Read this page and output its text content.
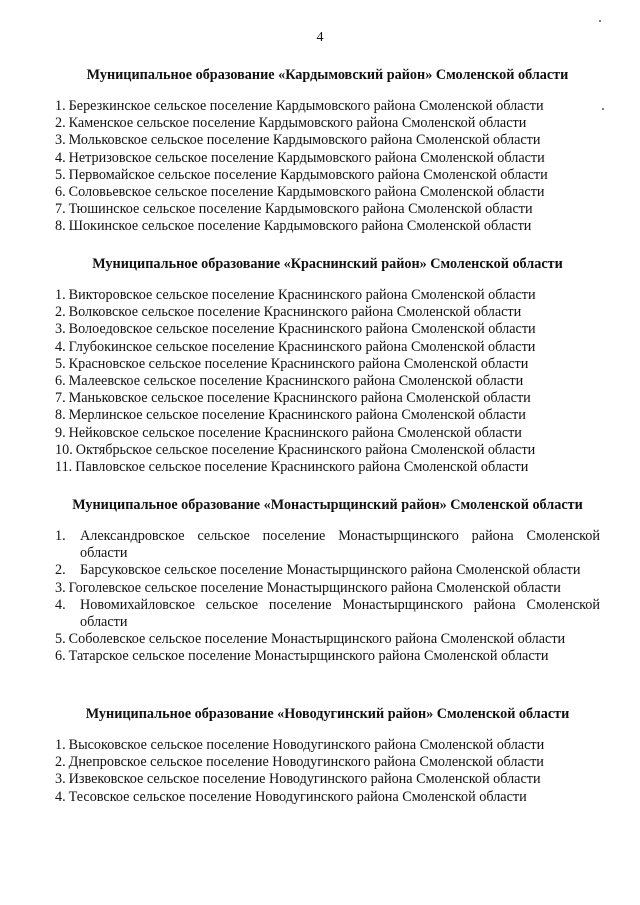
4
Муниципальное образование «Кардымовский район» Смоленской области
1. Березкинское сельское поселение Кардымовского района Смоленской области
2. Каменское сельское поселение Кардымовского района Смоленской области
3. Мольковское сельское поселение Кардымовского района Смоленской области
4. Нетризовское сельское поселение Кардымовского района Смоленской области
5. Первомайское сельское поселение Кардымовского района Смоленской области
6. Соловьевское сельское поселение Кардымовского района Смоленской области
7. Тюшинское сельское поселение Кардымовского района Смоленской области
8. Шокинское сельское поселение Кардымовского района Смоленской области
Муниципальное образование «Краснинский район» Смоленской области
1. Викторовское сельское поселение Краснинского района Смоленской области
2. Волковское сельское поселение Краснинского района Смоленской области
3. Волоедовское сельское поселение Краснинского района Смоленской области
4. Глубокинское сельское поселение Краснинского района Смоленской области
5. Красновское сельское поселение Краснинского района Смоленской области
6. Малеевское сельское поселение Краснинского района Смоленской области
7. Маньковское сельское поселение Краснинского района Смоленской области
8. Мерлинское сельское поселение Краснинского района Смоленской области
9. Нейковское сельское поселение Краснинского района Смоленской области
10. Октябрьское сельское поселение Краснинского района Смоленской области
11. Павловское сельское поселение Краснинского района Смоленской области
Муниципальное образование «Монастырщинский район» Смоленской области
1.	Александровское сельское поселение Монастырщинского района Смоленской области
2.	Барсуковское сельское поселение Монастырщинского района Смоленской области
3. Гоголевское сельское поселение Монастырщинского района Смоленской области
4.	Новомихайловское сельское поселение Монастырщинского района Смоленской области
5. Соболевское сельское поселение Монастырщинского района Смоленской области
6. Татарское сельское поселение Монастырщинского района Смоленской области
Муниципальное образование «Новодугинский район» Смоленской области
1. Высоковское сельское поселение Новодугинского района Смоленской области
2. Днепровское сельское поселение Новодугинского района Смоленской области
3. Извековское сельское поселение Новодугинского района Смоленской области
4. Тесовское сельское поселение Новодугинского района Смоленской области
